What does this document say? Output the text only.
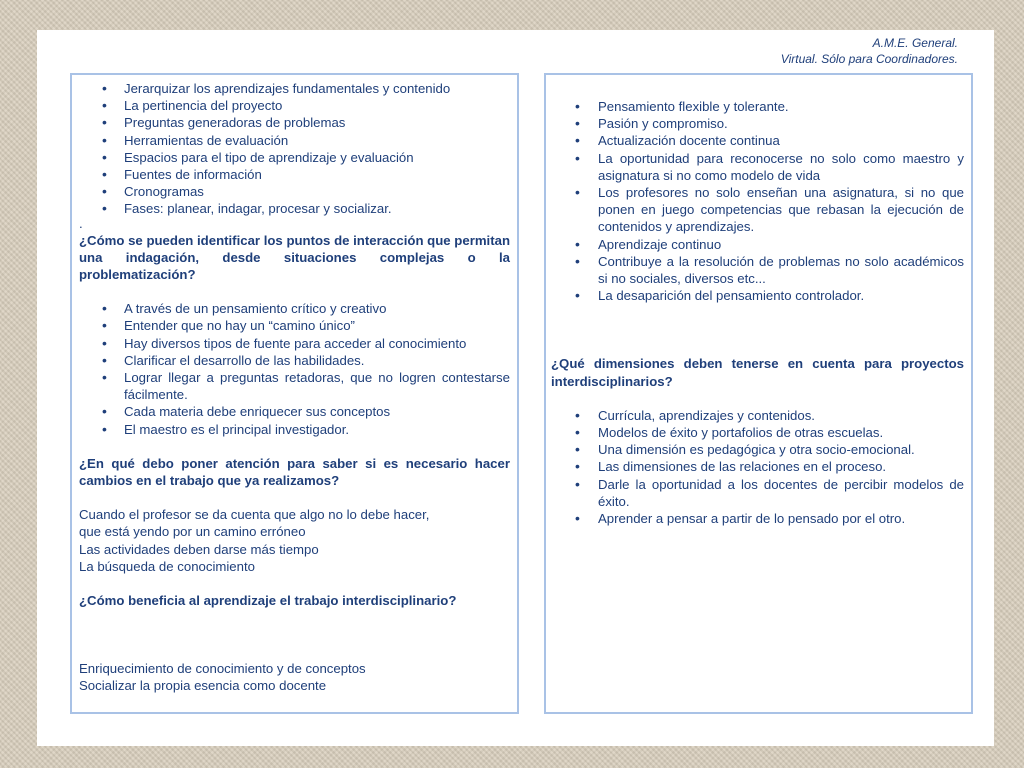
A.M.E. General.
Virtual. Sólo para Coordinadores.
• Jerarquizar los aprendizajes fundamentales y contenido
• La pertinencia del proyecto
• Preguntas generadoras de problemas
• Herramientas de evaluación
• Espacios para el tipo de aprendizaje y evaluación
• Fuentes de información
• Cronogramas
• Fases: planear, indagar, procesar y socializar.

.

¿Cómo se pueden identificar los puntos de interacción que permitan una indagación, desde situaciones complejas o la problematización?

• A través de un pensamiento crítico y creativo
• Entender que no hay un “camino único”
• Hay diversos tipos de fuente para acceder al conocimiento
• Clarificar el desarrollo de las habilidades.
• Lograr llegar a preguntas retadoras, que no logren contestarse fácilmente.
• Cada materia debe enriquecer sus conceptos
• El maestro es el principal investigador.

¿En qué debo poner atención para saber si es necesario hacer cambios en el trabajo que ya realizamos?

Cuando el profesor se da cuenta que algo no lo debe hacer,

que está yendo por un camino erróneo

Las actividades deben darse más tiempo

La búsqueda de conocimiento

¿Cómo beneficia al aprendizaje el trabajo interdisciplinario?

Enriquecimiento de conocimiento y de conceptos

Socializar la propia esencia como docente

• Pensamiento flexible y tolerante.
• Pasión y compromiso.
• Actualización docente continua
• La oportunidad para reconocerse no solo como maestro y asignatura si no como modelo de vida
• Los profesores no solo enseñan una asignatura, si no que ponen en juego competencias que rebasan la ejecución de contenidos y aprendizajes.
• Aprendizaje continuo
• Contribuye a la resolución de problemas no solo académicos si no sociales, diversos etc...
• La desaparición del pensamiento controlador.

¿Qué dimensiones deben tenerse en cuenta para proyectos interdisciplinarios?

• Currícula, aprendizajes y contenidos.
• Modelos de éxito y portafolios de otras escuelas.
• Una dimensión es pedagógica y otra socio-emocional.
• Las dimensiones de las relaciones en el proceso.
• Darle la oportunidad a los docentes de percibir modelos de éxito.
• Aprender a pensar a partir de lo pensado por el otro.
